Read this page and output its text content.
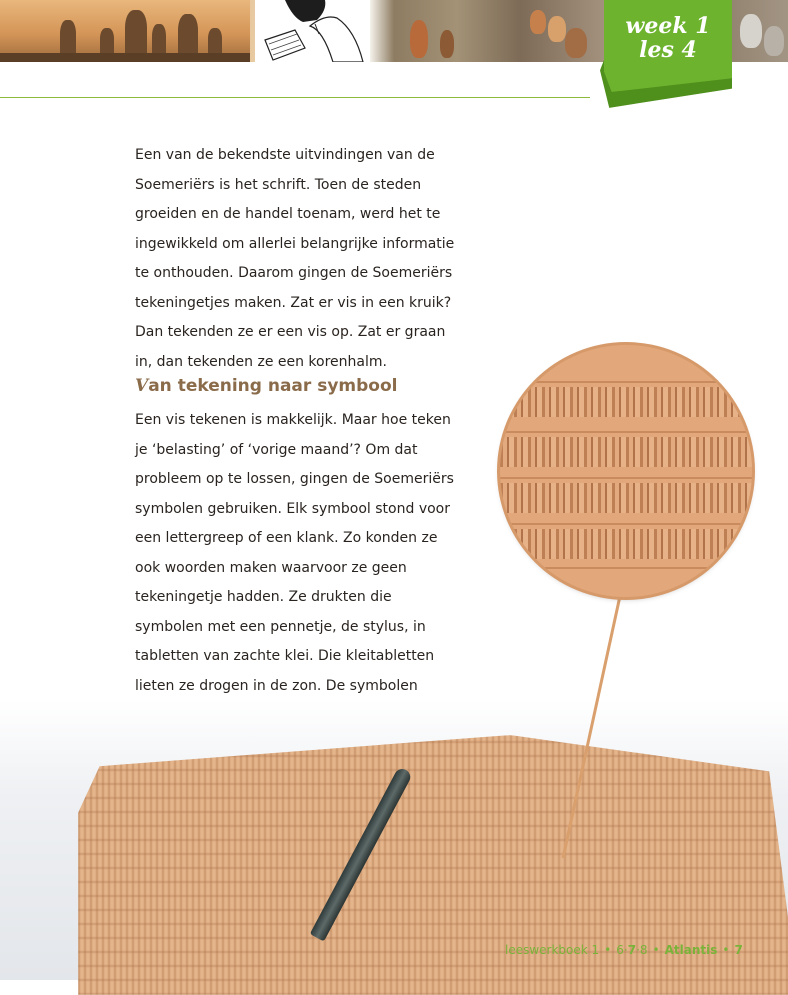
week 1
les 4

Een van de bekendste uitvindingen van de Soemeriërs is het schrift. Toen de steden groeiden en de handel toenam, werd het te ingewikkeld om allerlei belangrijke informatie te onthouden. Daarom gingen de Soemeriërs tekeningetjes maken. Zat er vis in een kruik? Dan tekenden ze er een vis op. Zat er graan in, dan tekenden ze een korenhalm.

Van tekening naar symbool

Een vis tekenen is makkelijk. Maar hoe teken je ‘belasting’ of ‘vorige maand’? Om dat probleem op te lossen, gingen de Soemeriërs symbolen gebruiken. Elk symbool stond voor een lettergreep of een klank. Zo konden ze ook woorden maken waarvoor ze geen tekeningetje hadden. Ze drukten die symbolen met een pennetje, de stylus, in tabletten van zachte klei. Die kleitabletten lieten ze drogen in de zon. De symbolen

leeswerkboek 1 • 6·7·8 • Atlantis • 7
